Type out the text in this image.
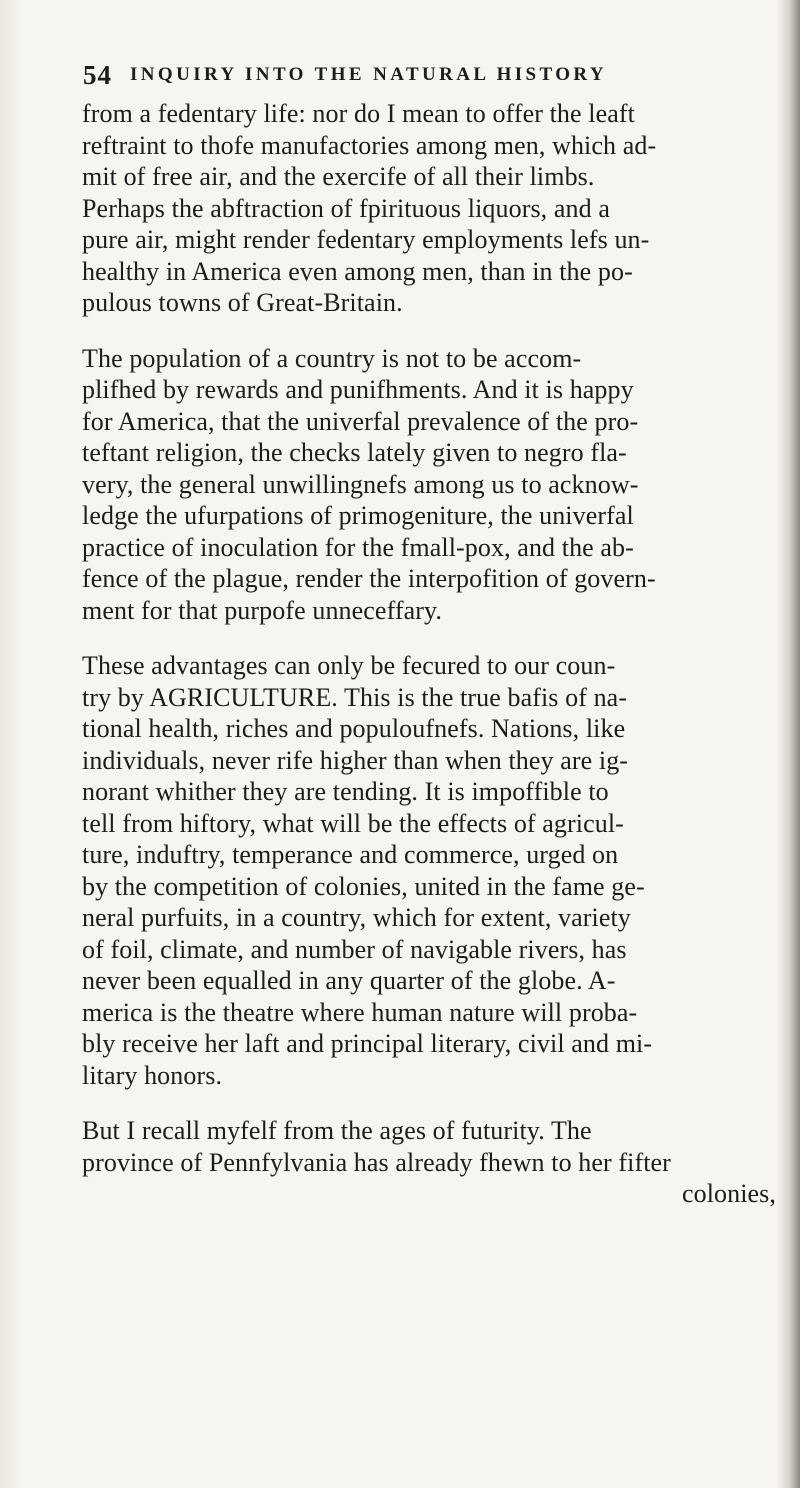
54 INQUIRY INTO THE NATURAL HISTORY
from a fedentary life: nor do I mean to offer the leaft
reftraint to thofe manufactories among men, which ad-
mit of free air, and the exercife of all their limbs.
Perhaps the abftraction of fpirituous liquors, and a
pure air, might render fedentary employments lefs un-
healthy in America even among men, than in the po-
pulous towns of Great-Britain.
The population of a country is not to be accom-
plifhed by rewards and punifhments. And it is happy
for America, that the univerfal prevalence of the pro-
teftant religion, the checks lately given to negro fla-
very, the general unwillingnefs among us to acknow-
ledge the ufurpations of primogeniture, the univerfal
practice of inoculation for the fmall-pox, and the ab-
fence of the plague, render the interpofition of govern-
ment for that purpofe unneceffary.
These advantages can only be fecured to our coun-
try by AGRICULTURE. This is the true bafis of na-
tional health, riches and populoufnefs. Nations, like
individuals, never rife higher than when they are ig-
norant whither they are tending. It is impoffible to
tell from hiftory, what will be the effects of agricul-
ture, induftry, temperance and commerce, urged on
by the competition of colonies, united in the fame ge-
neral purfuits, in a country, which for extent, variety
of foil, climate, and number of navigable rivers, has
never been equalled in any quarter of the globe. A-
merica is the theatre where human nature will proba-
bly receive her laft and principal literary, civil and mi-
litary honors.
But I recall myfelf from the ages of futurity. The
province of Pennfylvania has already fhewn to her fifter
colonies,
